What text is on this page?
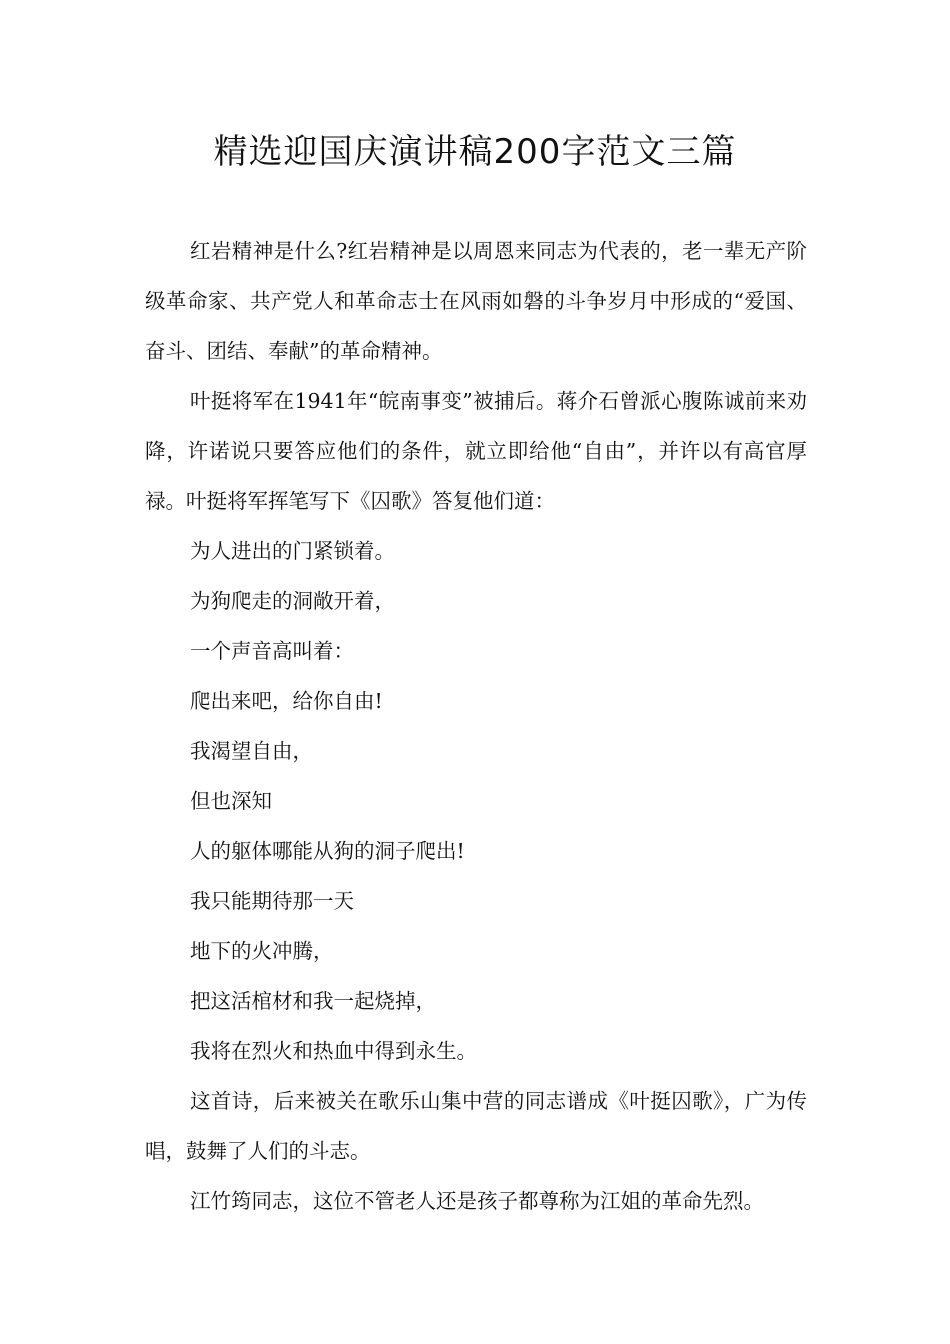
精选迎国庆演讲稿200字范文三篇

红岩精神是什么?红岩精神是以周恩来同志为代表的，老一辈无产阶级革命家、共产党人和革命志士在风雨如磐的斗争岁月中形成的“爱国、奋斗、团结、奉献”的革命精神。

叶挺将军在1941年“皖南事变”被捕后。蒋介石曾派心腹陈诚前来劝降，许诺说只要答应他们的条件，就立即给他“自由”，并许以有高官厚禄。叶挺将军挥笔写下《囚歌》答复他们道：

为人进出的门紧锁着。

为狗爬走的洞敞开着，

一个声音高叫着：

爬出来吧，给你自由!

我渴望自由，

但也深知

人的躯体哪能从狗的洞子爬出!

我只能期待那一天

地下的火冲腾，

把这活棺材和我一起烧掉，

我将在烈火和热血中得到永生。

这首诗，后来被关在歌乐山集中营的同志谱成《叶挺囚歌》，广为传唱，鼓舞了人们的斗志。

江竹筠同志，这位不管老人还是孩子都尊称为江姐的革命先烈。
